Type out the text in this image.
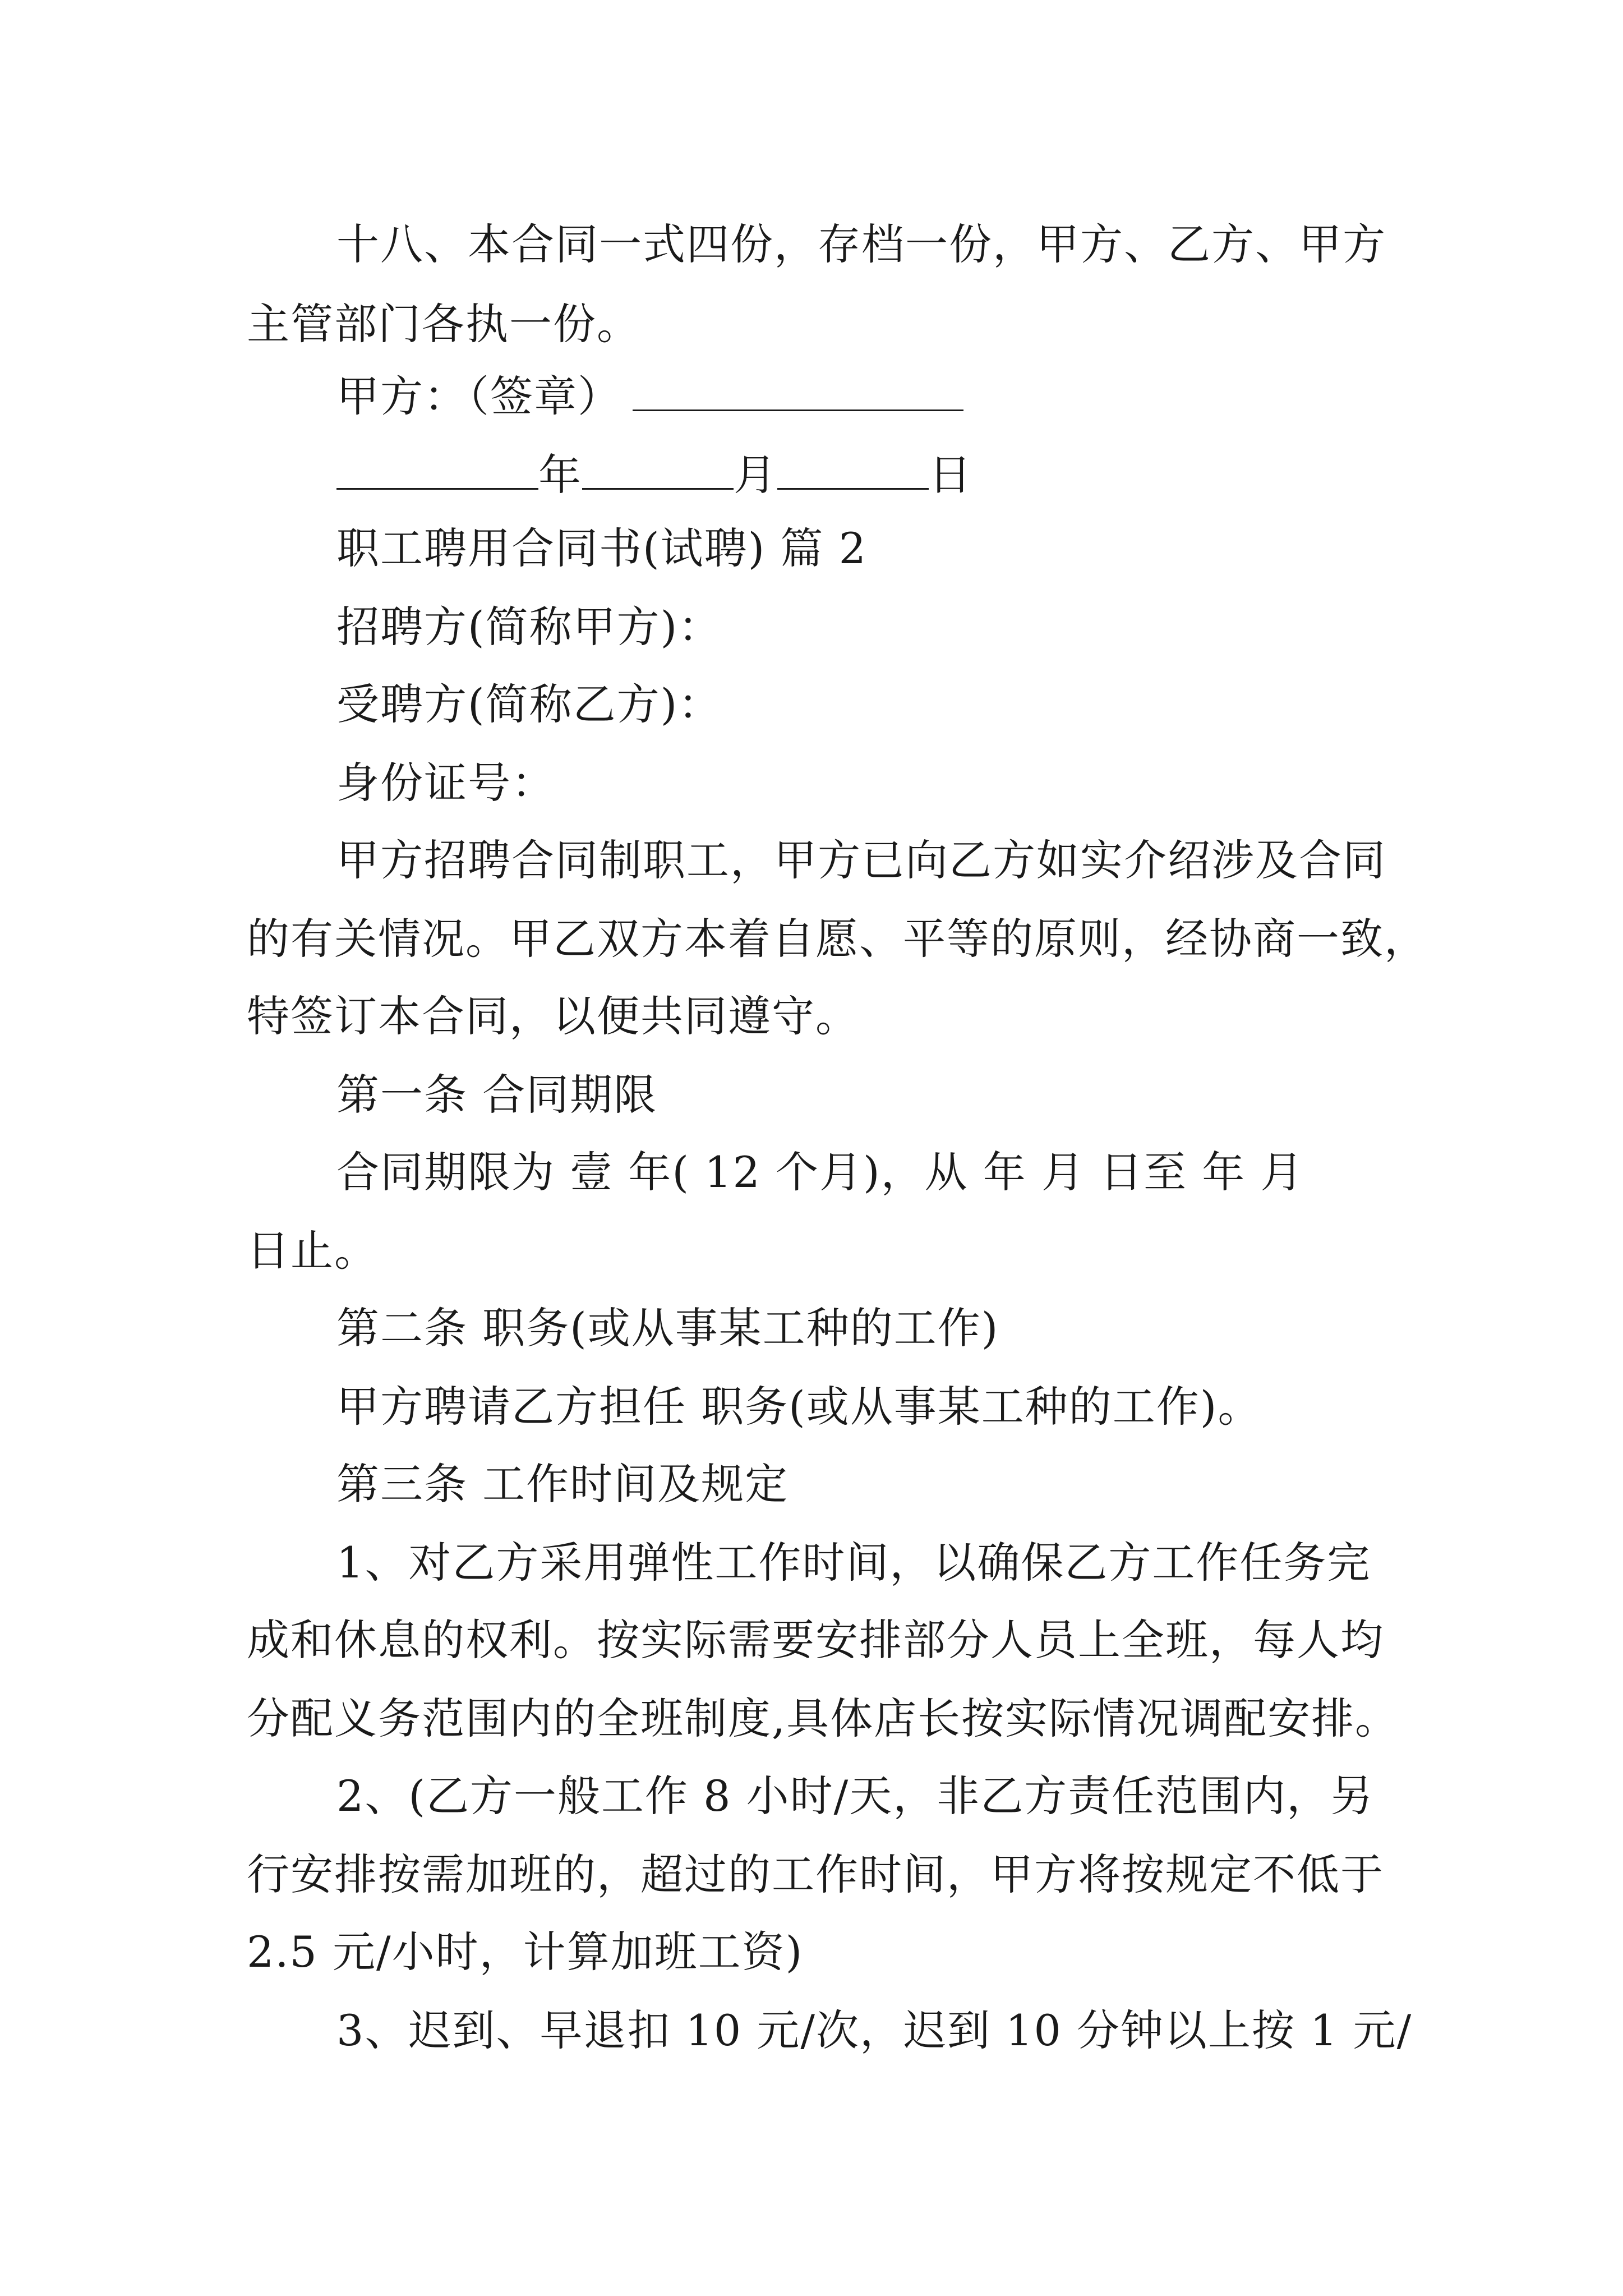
十八、本合同一式四份，存档一份，甲方、乙方、甲方
主管部门各执一份。
甲方：（签章）
年	月	日
职工聘用合同书(试聘) 篇 2
招聘方(简称甲方)：
受聘方(简称乙方)：
身份证号：
甲方招聘合同制职工，甲方已向乙方如实介绍涉及合同
的有关情况。甲乙双方本着自愿、平等的原则，经协商一致，
特签订本合同，以便共同遵守。
第一条 合同期限
合同期限为 壹 年( 12 个月)，从 年 月 日至 年 月
日止。
第二条 职务(或从事某工种的工作)
甲方聘请乙方担任 职务(或从事某工种的工作)。
第三条 工作时间及规定
1、对乙方采用弹性工作时间，以确保乙方工作任务完
成和休息的权利。按实际需要安排部分人员上全班，每人均
分配义务范围内的全班制度,具体店长按实际情况调配安排。
2、(乙方一般工作 8 小时/天，非乙方责任范围内，另
行安排按需加班的，超过的工作时间，甲方将按规定不低于
2.5 元/小时，计算加班工资)
3、迟到、早退扣 10 元/次，迟到 10 分钟以上按 1 元/
